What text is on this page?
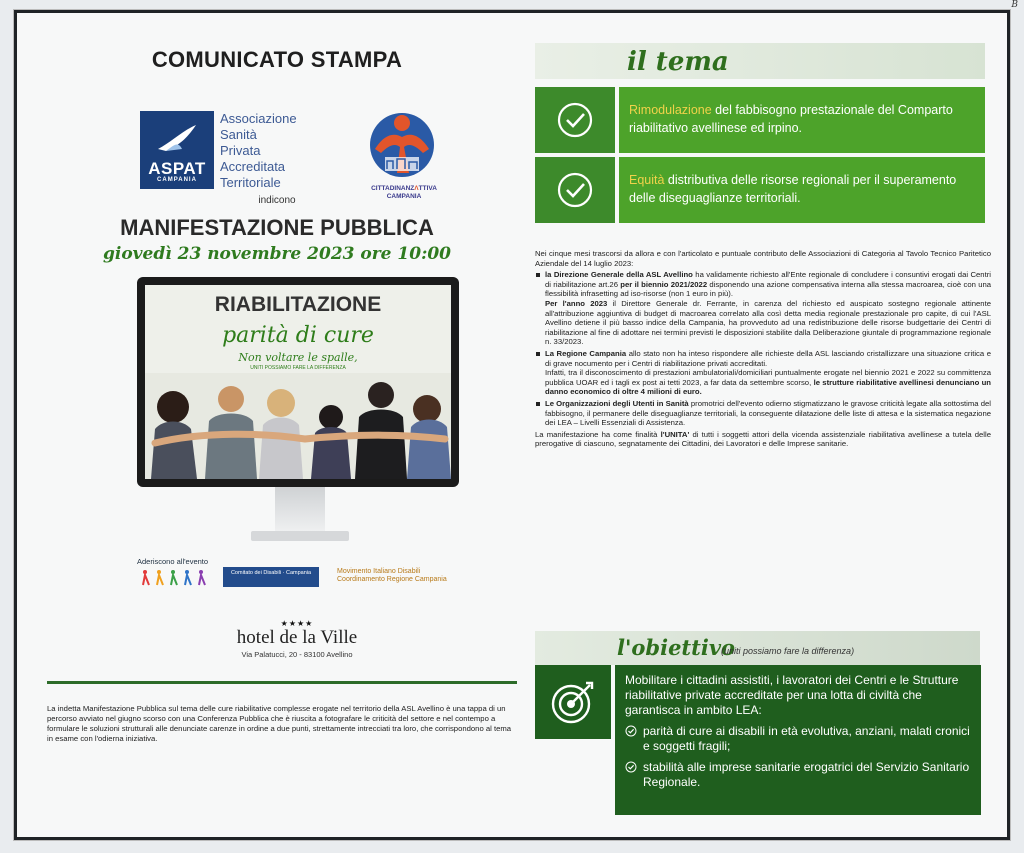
COMUNICATO STAMPA
ASPAT
CAMPANIA
Associazione
Sanità
Privata
Accreditata
Territoriale	CITTADINANZΛTTIVA
CAMPANIA
indicono
MANIFESTAZIONE PUBBLICA
giovedì 23 novembre 2023 ore 10:00
RIABILITAZIONE
parità di cure
Non voltare le spalle,
UNITI POSSIAMO FARE LA DIFFERENZA
Aderiscono all'evento
Comitato dei Disabili · Campania	Movimento Italiano Disabili
Coordinamento Regione Campania
★★★★
hotel de la Ville
Via Palatucci, 20 - 83100 Avellino
La indetta Manifestazione Pubblica sul tema delle cure riabilitative complesse erogate nel territorio della ASL Avellino è una tappa di un percorso avviato nel giugno scorso con una Conferenza Pubblica che è riuscita a fotografare le criticità del settore e nel contempo a formulare le soluzioni strutturali alle denunciate carenze in ordine a due punti, strettamente intrecciati tra loro, che corrispondono al tema in esame con l'odierna iniziativa.
il tema
Rimodulazione del fabbisogno prestazionale del Comparto riabilitativo avellinese ed irpino.
Equità distributiva delle risorse regionali per il superamento delle diseguaglianze territoriali.

Nei cinque mesi trascorsi da allora e con l'articolato e puntuale contributo delle Associazioni di Categoria al Tavolo Tecnico Paritetico Aziendale del 14 luglio 2023:

la Direzione Generale della ASL Avellino ha validamente richiesto all'Ente regionale di concludere i consuntivi erogati dai Centri di riabilitazione art.26 per il biennio 2021/2022 disponendo una azione compensativa interna alla stessa macroarea, cioè con una flessibilità infrasetting ad iso-risorse (non 1 euro in più).
Per l'anno 2023 il Direttore Generale dr. Ferrante, in carenza del richiesto ed auspicato sostegno regionale attinente all'attribuzione aggiuntiva di budget di macroarea correlato alla così detta media regionale prestazionale pro capite, di cui l'ASL Avellino detiene il più basso indice della Campania, ha provveduto ad una redistribuzione delle risorse budgettarie dei Centri di riabilitazione al fine di adottare nei termini previsti le disposizioni stabilite dalla Deliberazione giuntale di programmazione regionale n. 33/2023.
La Regione Campania allo stato non ha inteso rispondere alle richieste della ASL lasciando cristallizzare una situazione critica e di grave nocumento per i Centri di riabilitazione privati accreditati.
Infatti, tra il disconoscimento di prestazioni ambulatoriali/domiciliari puntualmente erogate nel biennio 2021 e 2022 su committenza pubblica UOAR ed i tagli ex post ai tetti 2023, a far data da settembre scorso, le strutture riabilitative avellinesi denunciano un danno economico di oltre 4 milioni di euro.
Le Organizzazioni degli Utenti in Sanità promotrici dell'evento odierno stigmatizzano le gravose criticità legate alla sottostima del fabbisogno, il permanere delle diseguaglianze territoriali, la conseguente dilatazione delle liste di attesa e la sistematica negazione dei LEA – Livelli Essenziali di Assistenza.

La manifestazione ha come finalità l'UNITA' di tutti i soggetti attori della vicenda assistenziale riabilitativa avellinese a tutela delle prerogative di ciascuno, segnatamente dei Cittadini, dei Lavoratori e delle Imprese sanitarie.

l'obiettivo
(uniti possiamo fare la differenza)
Mobilitare i cittadini assistiti, i lavoratori dei Centri e le Strutture riabilitative private accreditate per una lotta di civiltà che garantisca in ambito LEA:
parità di cure ai disabili in età evolutiva, anziani, malati cronici e soggetti fragili;
stabilità alle imprese sanitarie erogatrici del Servizio Sanitario Regionale.
B
